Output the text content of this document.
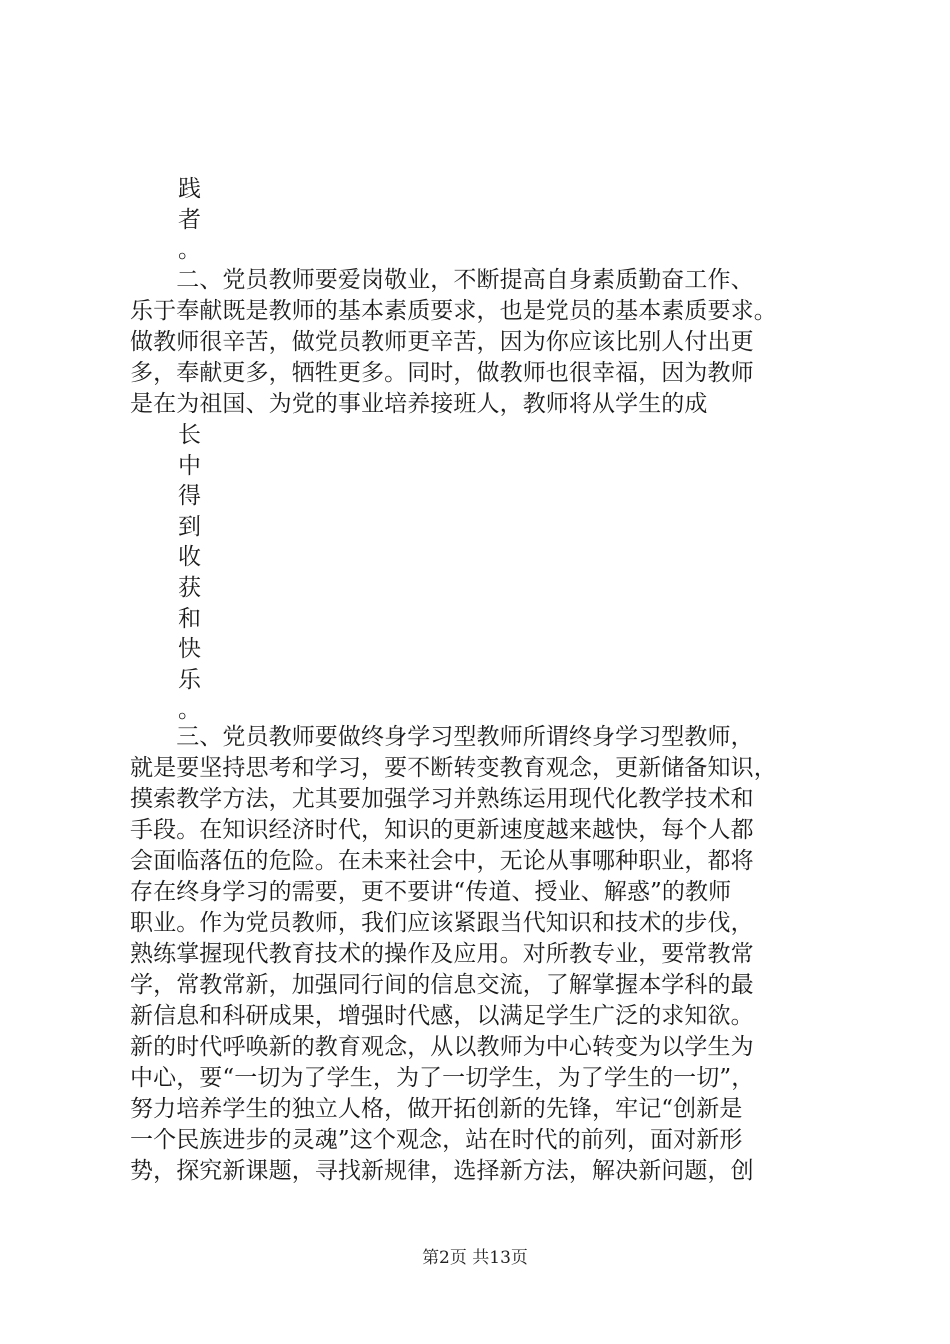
践
者
。
　　二、党员教师要爱岗敬业，不断提高自身素质勤奋工作、
乐于奉献既是教师的基本素质要求，也是党员的基本素质要求。
做教师很辛苦，做党员教师更辛苦，因为你应该比别人付出更
多，奉献更多，牺牲更多。同时，做教师也很幸福，因为教师
是在为祖国、为党的事业培养接班人，教师将从学生的成
长
中
得
到
收
获
和
快
乐
。
　　三、党员教师要做终身学习型教师所谓终身学习型教师，
就是要坚持思考和学习，要不断转变教育观念，更新储备知识，
摸索教学方法，尤其要加强学习并熟练运用现代化教学技术和
手段。在知识经济时代，知识的更新速度越来越快，每个人都
会面临落伍的危险。在未来社会中，无论从事哪种职业，都将
存在终身学习的需要，更不要讲“传道、授业、解惑”的教师
职业。作为党员教师，我们应该紧跟当代知识和技术的步伐，
熟练掌握现代教育技术的操作及应用。对所教专业，要常教常
学，常教常新，加强同行间的信息交流，了解掌握本学科的最
新信息和科研成果，增强时代感，以满足学生广泛的求知欲。
新的时代呼唤新的教育观念，从以教师为中心转变为以学生为
中心，要“一切为了学生，为了一切学生，为了学生的一切”，
努力培养学生的独立人格，做开拓创新的先锋，牢记“创新是
一个民族进步的灵魂”这个观念，站在时代的前列，面对新形
势，探究新课题，寻找新规律，选择新方法，解决新问题，创
第2页 共13页
